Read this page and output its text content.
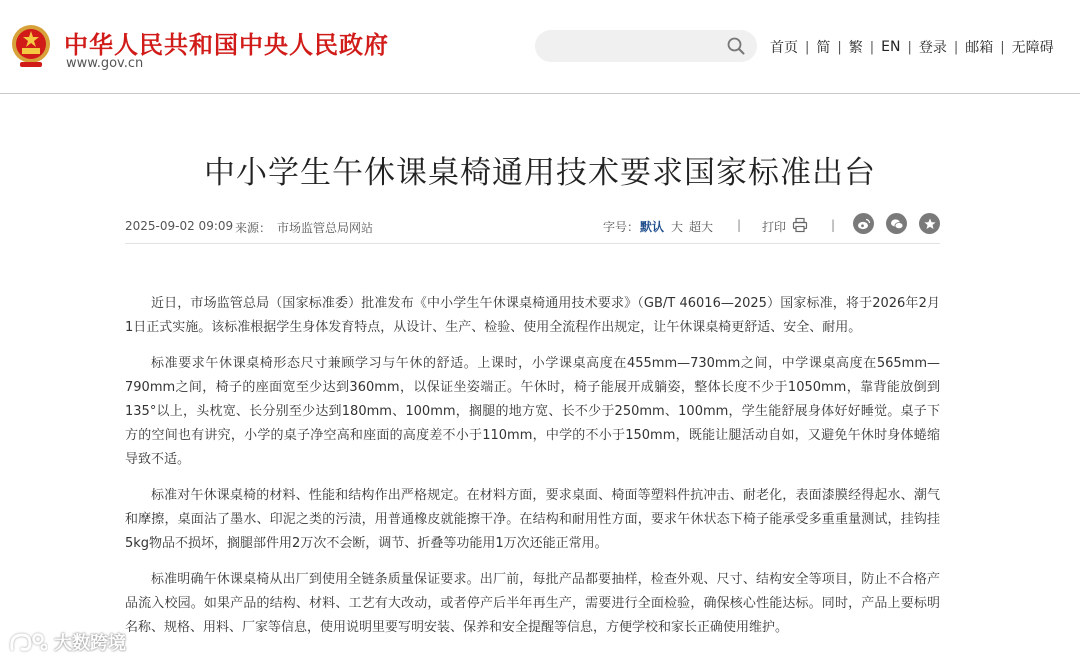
中华人民共和国中央人民政府
www.gov.cn
首页 | 简 | 繁 | EN | 登录 | 邮箱 | 无障碍
中小学生午休课桌椅通用技术要求国家标准出台
2025-09-02 09:09 来源： 市场监管总局网站	字号： 默认 大 超大 | 打印	|

近日，市场监管总局（国家标准委）批准发布《中小学生午休课桌椅通用技术要求》（GB/T 46016—2025）国家标准，将于2026年2月1日正式实施。该标准根据学生身体发育特点，从设计、生产、检验、使用全流程作出规定，让午休课桌椅更舒适、安全、耐用。

标准要求午休课桌椅形态尺寸兼顾学习与午休的舒适。上课时，小学课桌高度在455mm—730mm之间，中学课桌高度在565mm—790mm之间，椅子的座面宽至少达到360mm，以保证坐姿端正。午休时，椅子能展开成躺姿，整体长度不少于1050mm，靠背能放倒到135°以上，头枕宽、长分别至少达到180mm、100mm，搁腿的地方宽、长不少于250mm、100mm，学生能舒展身体好好睡觉。桌子下方的空间也有讲究，小学的桌子净空高和座面的高度差不小于110mm，中学的不小于150mm，既能让腿活动自如，又避免午休时身体蜷缩导致不适。

标准对午休课桌椅的材料、性能和结构作出严格规定。在材料方面，要求桌面、椅面等塑料件抗冲击、耐老化，表面漆膜经得起水、潮气和摩擦，桌面沾了墨水、印泥之类的污渍，用普通橡皮就能擦干净。在结构和耐用性方面，要求午休状态下椅子能承受多重重量测试，挂钩挂5kg物品不损坏，搁腿部件用2万次不会断，调节、折叠等功能用1万次还能正常用。

标准明确午休课桌椅从出厂到使用全链条质量保证要求。出厂前，每批产品都要抽样，检查外观、尺寸、结构安全等项目，防止不合格产品流入校园。如果产品的结构、材料、工艺有大改动，或者停产后半年再生产，需要进行全面检验，确保核心性能达标。同时，产品上要标明名称、规格、用料、厂家等信息，使用说明里要写明安装、保养和安全提醒等信息，方便学校和家长正确使用维护。

大数跨境
